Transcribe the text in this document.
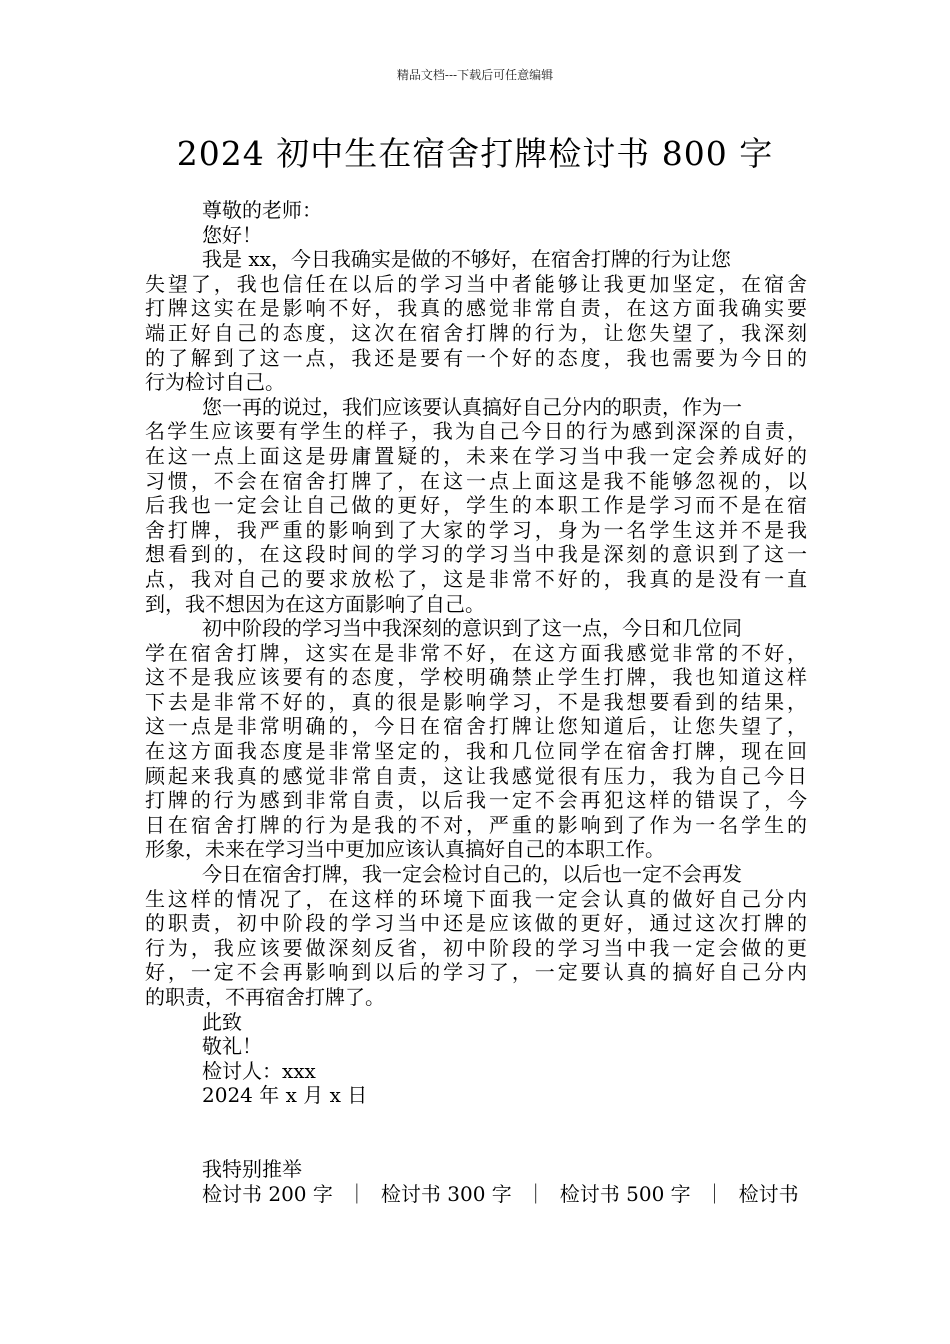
精品文档---下载后可任意编辑
2024 初中生在宿舍打牌检讨书 800 字
尊敬的老师：
您好！
我是 xx，今日我确实是做的不够好，在宿舍打牌的行为让您
失望了，我也信任在以后的学习当中者能够让我更加坚定，在宿舍
打牌这实在是影响不好，我真的感觉非常自责，在这方面我确实要
端正好自己的态度，这次在宿舍打牌的行为，让您失望了，我深刻
的了解到了这一点，我还是要有一个好的态度，我也需要为今日的
行为检讨自己。
您一再的说过，我们应该要认真搞好自己分内的职责，作为一
名学生应该要有学生的样子，我为自己今日的行为感到深深的自责，
在这一点上面这是毋庸置疑的，未来在学习当中我一定会养成好的
习惯，不会在宿舍打牌了，在这一点上面这是我不能够忽视的，以
后我也一定会让自己做的更好，学生的本职工作是学习而不是在宿
舍打牌，我严重的影响到了大家的学习，身为一名学生这并不是我
想看到的，在这段时间的学习的学习当中我是深刻的意识到了这一
点，我对自己的要求放松了，这是非常不好的，我真的是没有一直
到，我不想因为在这方面影响了自己。
初中阶段的学习当中我深刻的意识到了这一点，今日和几位同
学在宿舍打牌，这实在是非常不好，在这方面我感觉非常的不好，
这不是我应该要有的态度，学校明确禁止学生打牌，我也知道这样
下去是非常不好的，真的很是影响学习，不是我想要看到的结果，
这一点是非常明确的，今日在宿舍打牌让您知道后，让您失望了，
在这方面我态度是非常坚定的，我和几位同学在宿舍打牌，现在回
顾起来我真的感觉非常自责，这让我感觉很有压力，我为自己今日
打牌的行为感到非常自责，以后我一定不会再犯这样的错误了，今
日在宿舍打牌的行为是我的不对，严重的影响到了作为一名学生的
形象，未来在学习当中更加应该认真搞好自己的本职工作。
今日在宿舍打牌，我一定会检讨自己的，以后也一定不会再发
生这样的情况了，在这样的环境下面我一定会认真的做好自己分内
的职责，初中阶段的学习当中还是应该做的更好，通过这次打牌的
行为，我应该要做深刻反省，初中阶段的学习当中我一定会做的更
好，一定不会再影响到以后的学习了，一定要认真的搞好自己分内
的职责，不再宿舍打牌了。
此致
敬礼！
检讨人：xxx
2024 年 x 月 x 日
我特别推举
检讨书 200 字 ｜ 检讨书 300 字 ｜ 检讨书 500 字 ｜ 检讨书
